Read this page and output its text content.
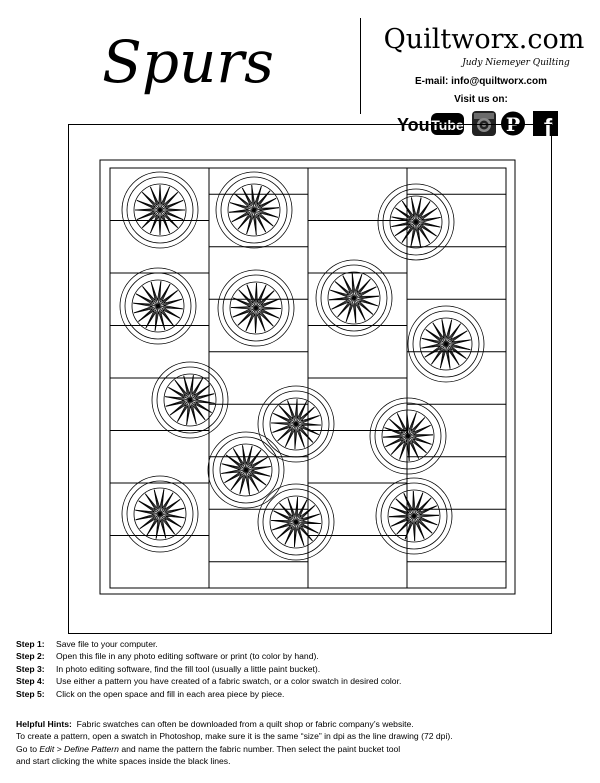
Spurs	Quiltworx.com
Judy Niemeyer Quilting
E-mail: info@quiltworx.com
Visit us on:
You Tube P f
Step 1: Save file to your computer.
Step 2: Open this file in any photo editing software or print (to color by hand).
Step 3: In photo editing software, find the fill tool (usually a little paint bucket).
Step 4: Use either a pattern you have created of a fabric swatch, or a color swatch in desired color.
Step 5: Click on the open space and fill in each area piece by piece.
Helpful Hints: Fabric swatches can often be downloaded from a quilt shop or fabric company’s website.
To create a pattern, open a swatch in Photoshop, make sure it is the same “size” in dpi as the line drawing (72 dpi).
Go to Edit > Define Pattern and name the pattern the fabric number. Then select the paint bucket tool
and start clicking the white spaces inside the black lines.
